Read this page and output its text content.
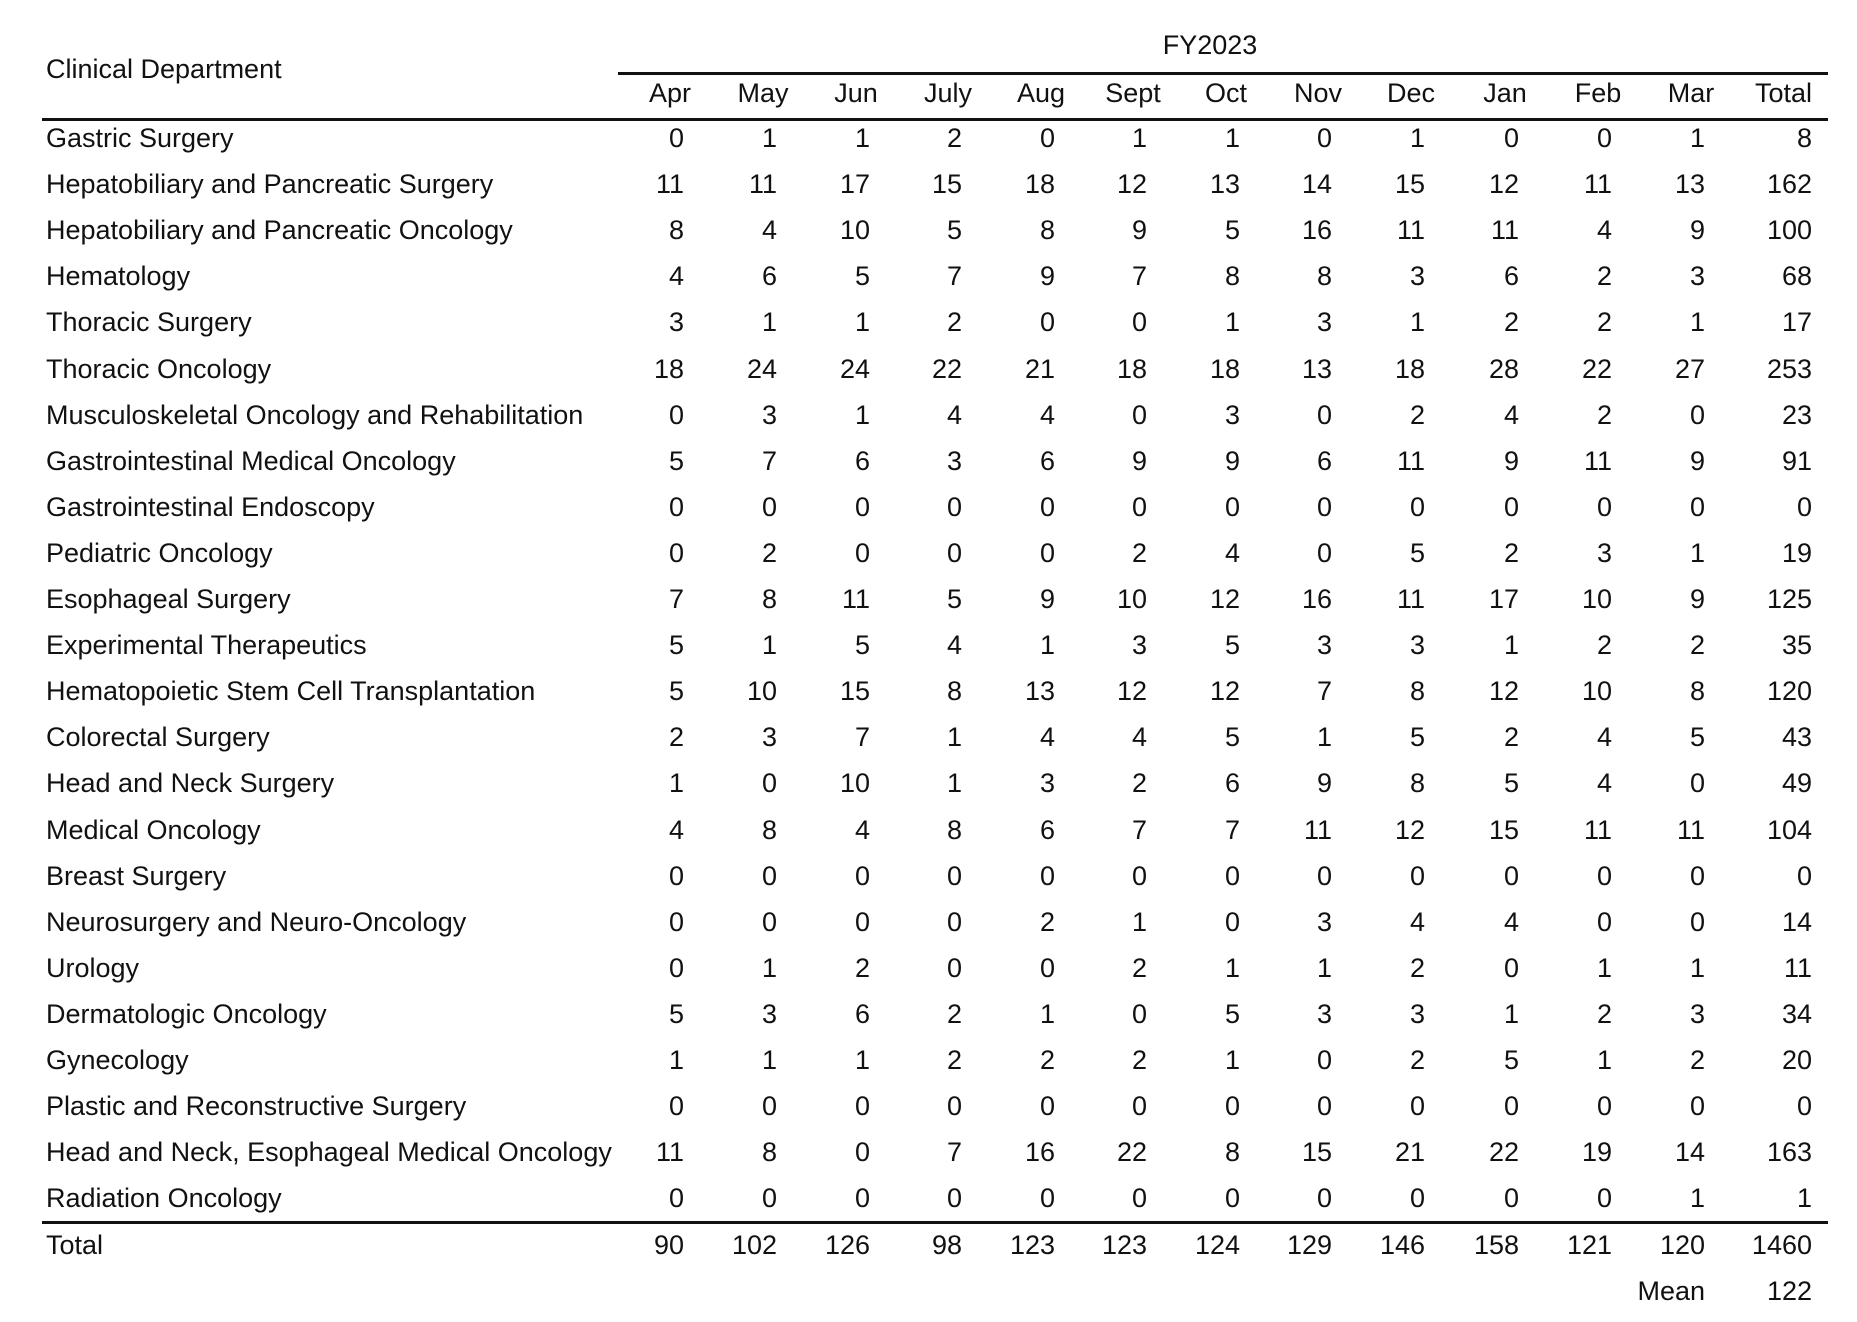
Clinical Department
FY2023
Apr	May	Jun	July	Aug	Sept	Oct	Nov	Dec	Jan	Feb	Mar	Total
Gastric Surgery	0	1	1	2	0	1	1	0	1	0	0	1	8
Hepatobiliary and Pancreatic Surgery	11	11	17	15	18	12	13	14	15	12	11	13	162
Hepatobiliary and Pancreatic Oncology	8	4	10	5	8	9	5	16	11	11	4	9	100
Hematology	4	6	5	7	9	7	8	8	3	6	2	3	68
Thoracic Surgery	3	1	1	2	0	0	1	3	1	2	2	1	17
Thoracic Oncology	18	24	24	22	21	18	18	13	18	28	22	27	253
Musculoskeletal Oncology and Rehabilitation	0	3	1	4	4	0	3	0	2	4	2	0	23
Gastrointestinal Medical Oncology	5	7	6	3	6	9	9	6	11	9	11	9	91
Gastrointestinal Endoscopy	0	0	0	0	0	0	0	0	0	0	0	0	0
Pediatric Oncology	0	2	0	0	0	2	4	0	5	2	3	1	19
Esophageal Surgery	7	8	11	5	9	10	12	16	11	17	10	9	125
Experimental Therapeutics	5	1	5	4	1	3	5	3	3	1	2	2	35
Hematopoietic Stem Cell Transplantation	5	10	15	8	13	12	12	7	8	12	10	8	120
Colorectal Surgery	2	3	7	1	4	4	5	1	5	2	4	5	43
Head and Neck Surgery	1	0	10	1	3	2	6	9	8	5	4	0	49
Medical Oncology	4	8	4	8	6	7	7	11	12	15	11	11	104
Breast Surgery	0	0	0	0	0	0	0	0	0	0	0	0	0
Neurosurgery and Neuro-Oncology	0	0	0	0	2	1	0	3	4	4	0	0	14
Urology	0	1	2	0	0	2	1	1	2	0	1	1	11
Dermatologic Oncology	5	3	6	2	1	0	5	3	3	1	2	3	34
Gynecology	1	1	1	2	2	2	1	0	2	5	1	2	20
Plastic and Reconstructive Surgery	0	0	0	0	0	0	0	0	0	0	0	0	0
Head and Neck, Esophageal Medical Oncology	11	8	0	7	16	22	8	15	21	22	19	14	163
Radiation Oncology	0	0	0	0	0	0	0	0	0	0	0	1	1
Total	90	102	126	98	123	123	124	129	146	158	121	120	1460
Mean	122
